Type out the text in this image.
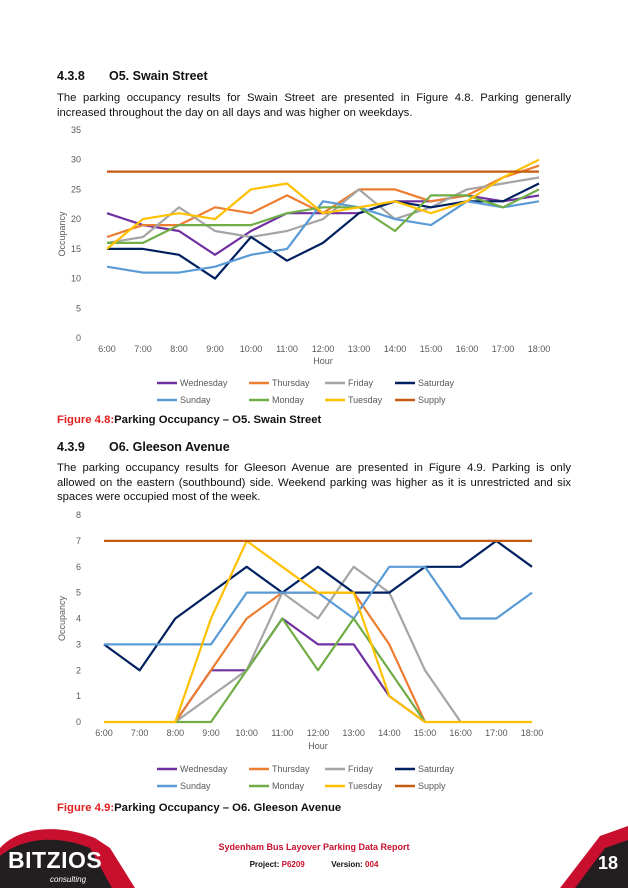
4.3.8 O5. Swain Street
The parking occupancy results for Swain Street are presented in Figure 4.8. Parking generally increased throughout the day on all days and was higher on weekdays.
0
5
10
15
20
25
30
35
6:00 7:00 8:00 9:00 10:00 11:00 12:00 13:00 14:00 15:00 16:00 17:00 18:00
Hour
Occupancy
Wednesday	Thursday	Friday	Saturday
Sunday	Monday	Tuesday	Supply
Figure 4.8:Parking Occupancy – O5. Swain Street
4.3.9 O6. Gleeson Avenue
The parking occupancy results for Gleeson Avenue are presented in Figure 4.9. Parking is only allowed on the eastern (southbound) side. Weekend parking was higher as it is unrestricted and six spaces were occupied most of the week.
0
1
2
3
4
5
6
7
8
6:00 7:00 8:00 9:00 10:00 11:00 12:00 13:00 14:00 15:00 16:00 17:00 18:00
Hour
Occupancy
Wednesday	Thursday	Friday	Saturday
Sunday	Monday	Tuesday	Supply
Figure 4.9:Parking Occupancy – O6. Gleeson Avenue
BITZIOS
consulting
Sydenham Bus Layover Parking Data Report
Project: P6209	Version: 004	18
